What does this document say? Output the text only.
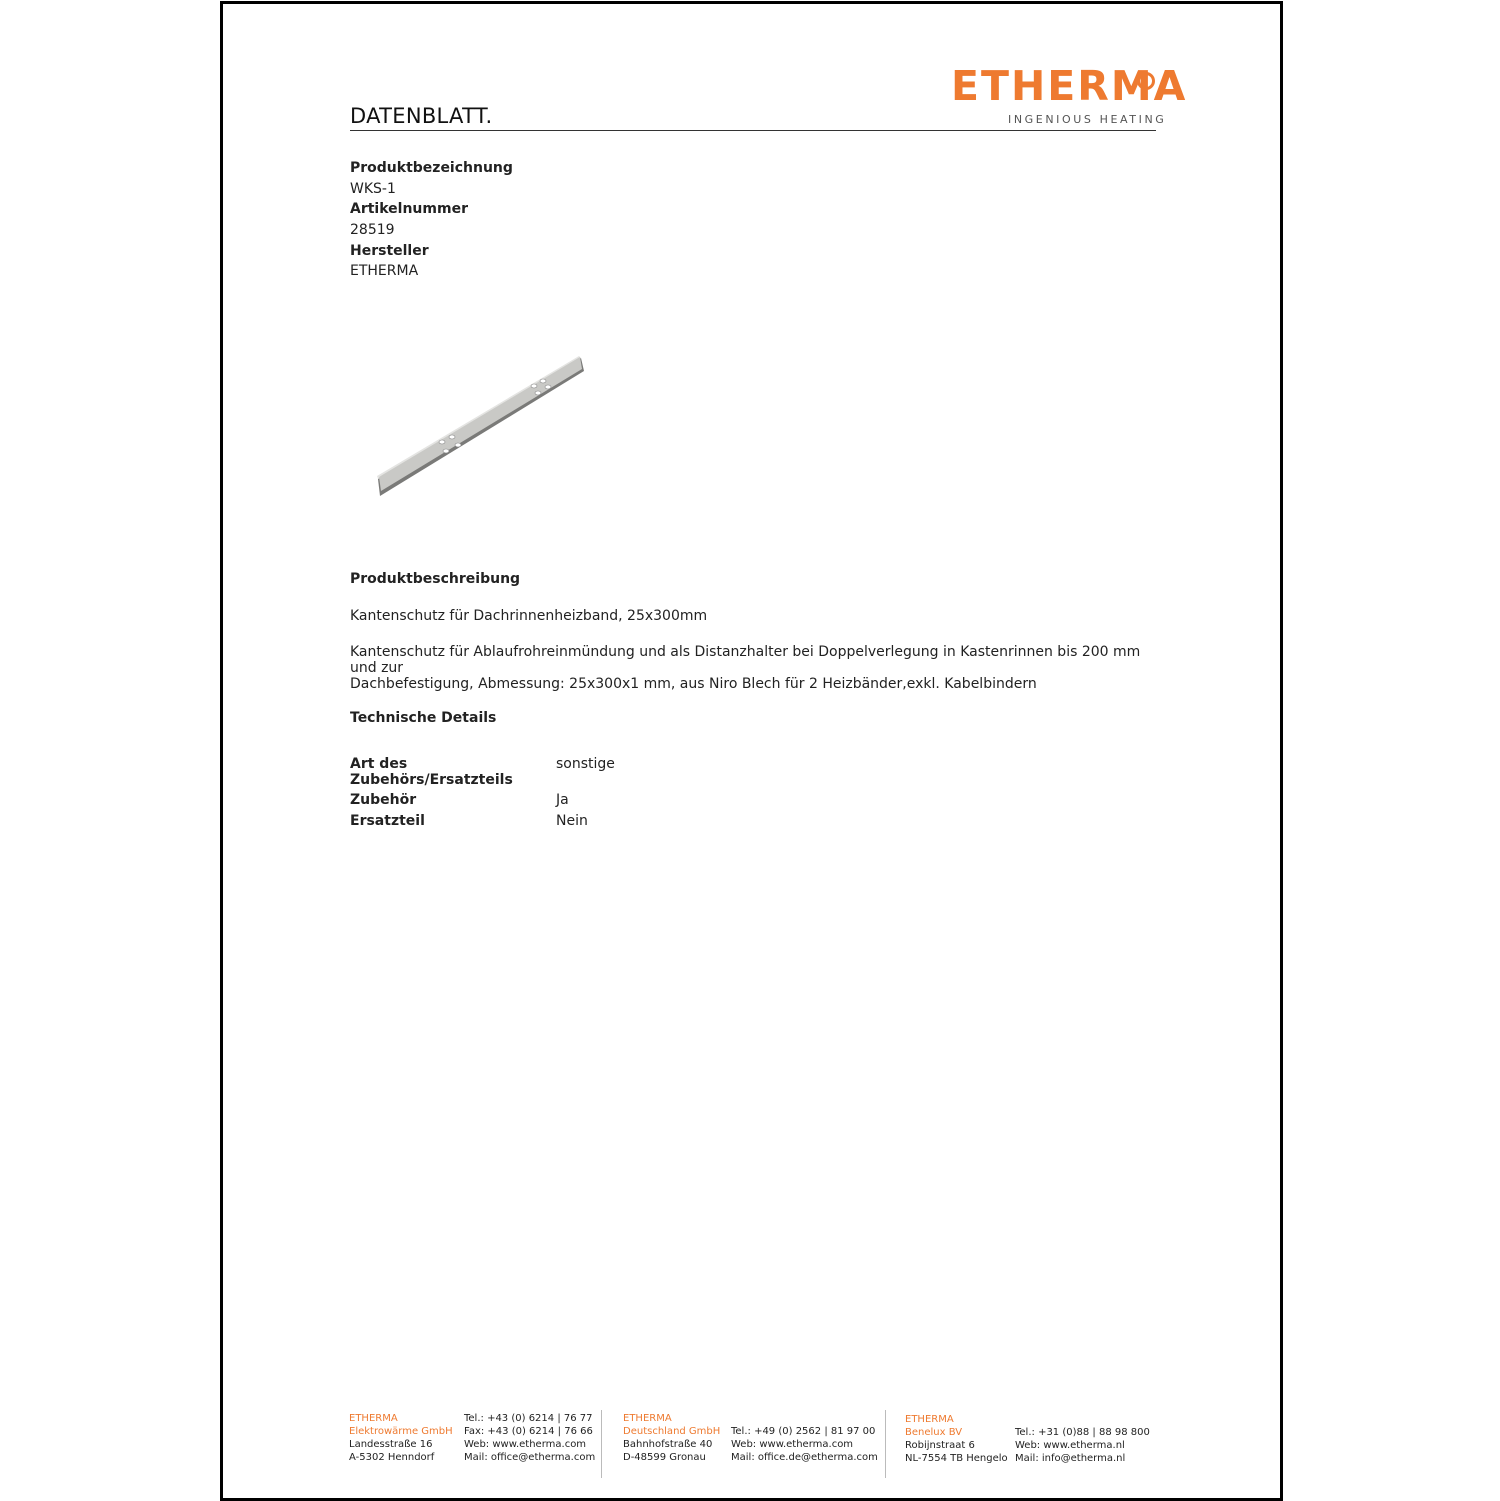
DATENBLATT.
ETHERMA
INGENIOUS HEATING
Produktbezeichnung
WKS-1
Artikelnummer
28519
Hersteller
ETHERMA
Produktbeschreibung
Kantenschutz für Dachrinnenheizband, 25x300mm
Kantenschutz für Ablaufrohreinmündung und als Distanzhalter bei Doppelverlegung in Kastenrinnen bis 200 mm und zur
Dachbefestigung, Abmessung: 25x300x1 mm, aus Niro Blech für 2 Heizbänder,exkl. Kabelbindern
Technische Details
Art des
Zubehörs/Ersatzteils
sonstige
Zubehör	Ja
Ersatzteil	Nein
ETHERMA
Elektrowärme GmbH
Landesstraße 16
A-5302 Henndorf
Tel.: +43 (0) 6214 | 76 77
Fax: +43 (0) 6214 | 76 66
Web: www.etherma.com
Mail: office@etherma.com
ETHERMA
Deutschland GmbH
Bahnhofstraße 40
D-48599 Gronau
Tel.: +49 (0) 2562 | 81 97 00
Web: www.etherma.com
Mail: office.de@etherma.com
ETHERMA
Benelux BV
Robijnstraat 6
NL-7554 TB Hengelo
Tel.: +31 (0)88 | 88 98 800
Web: www.etherma.nl
Mail: info@etherma.nl
